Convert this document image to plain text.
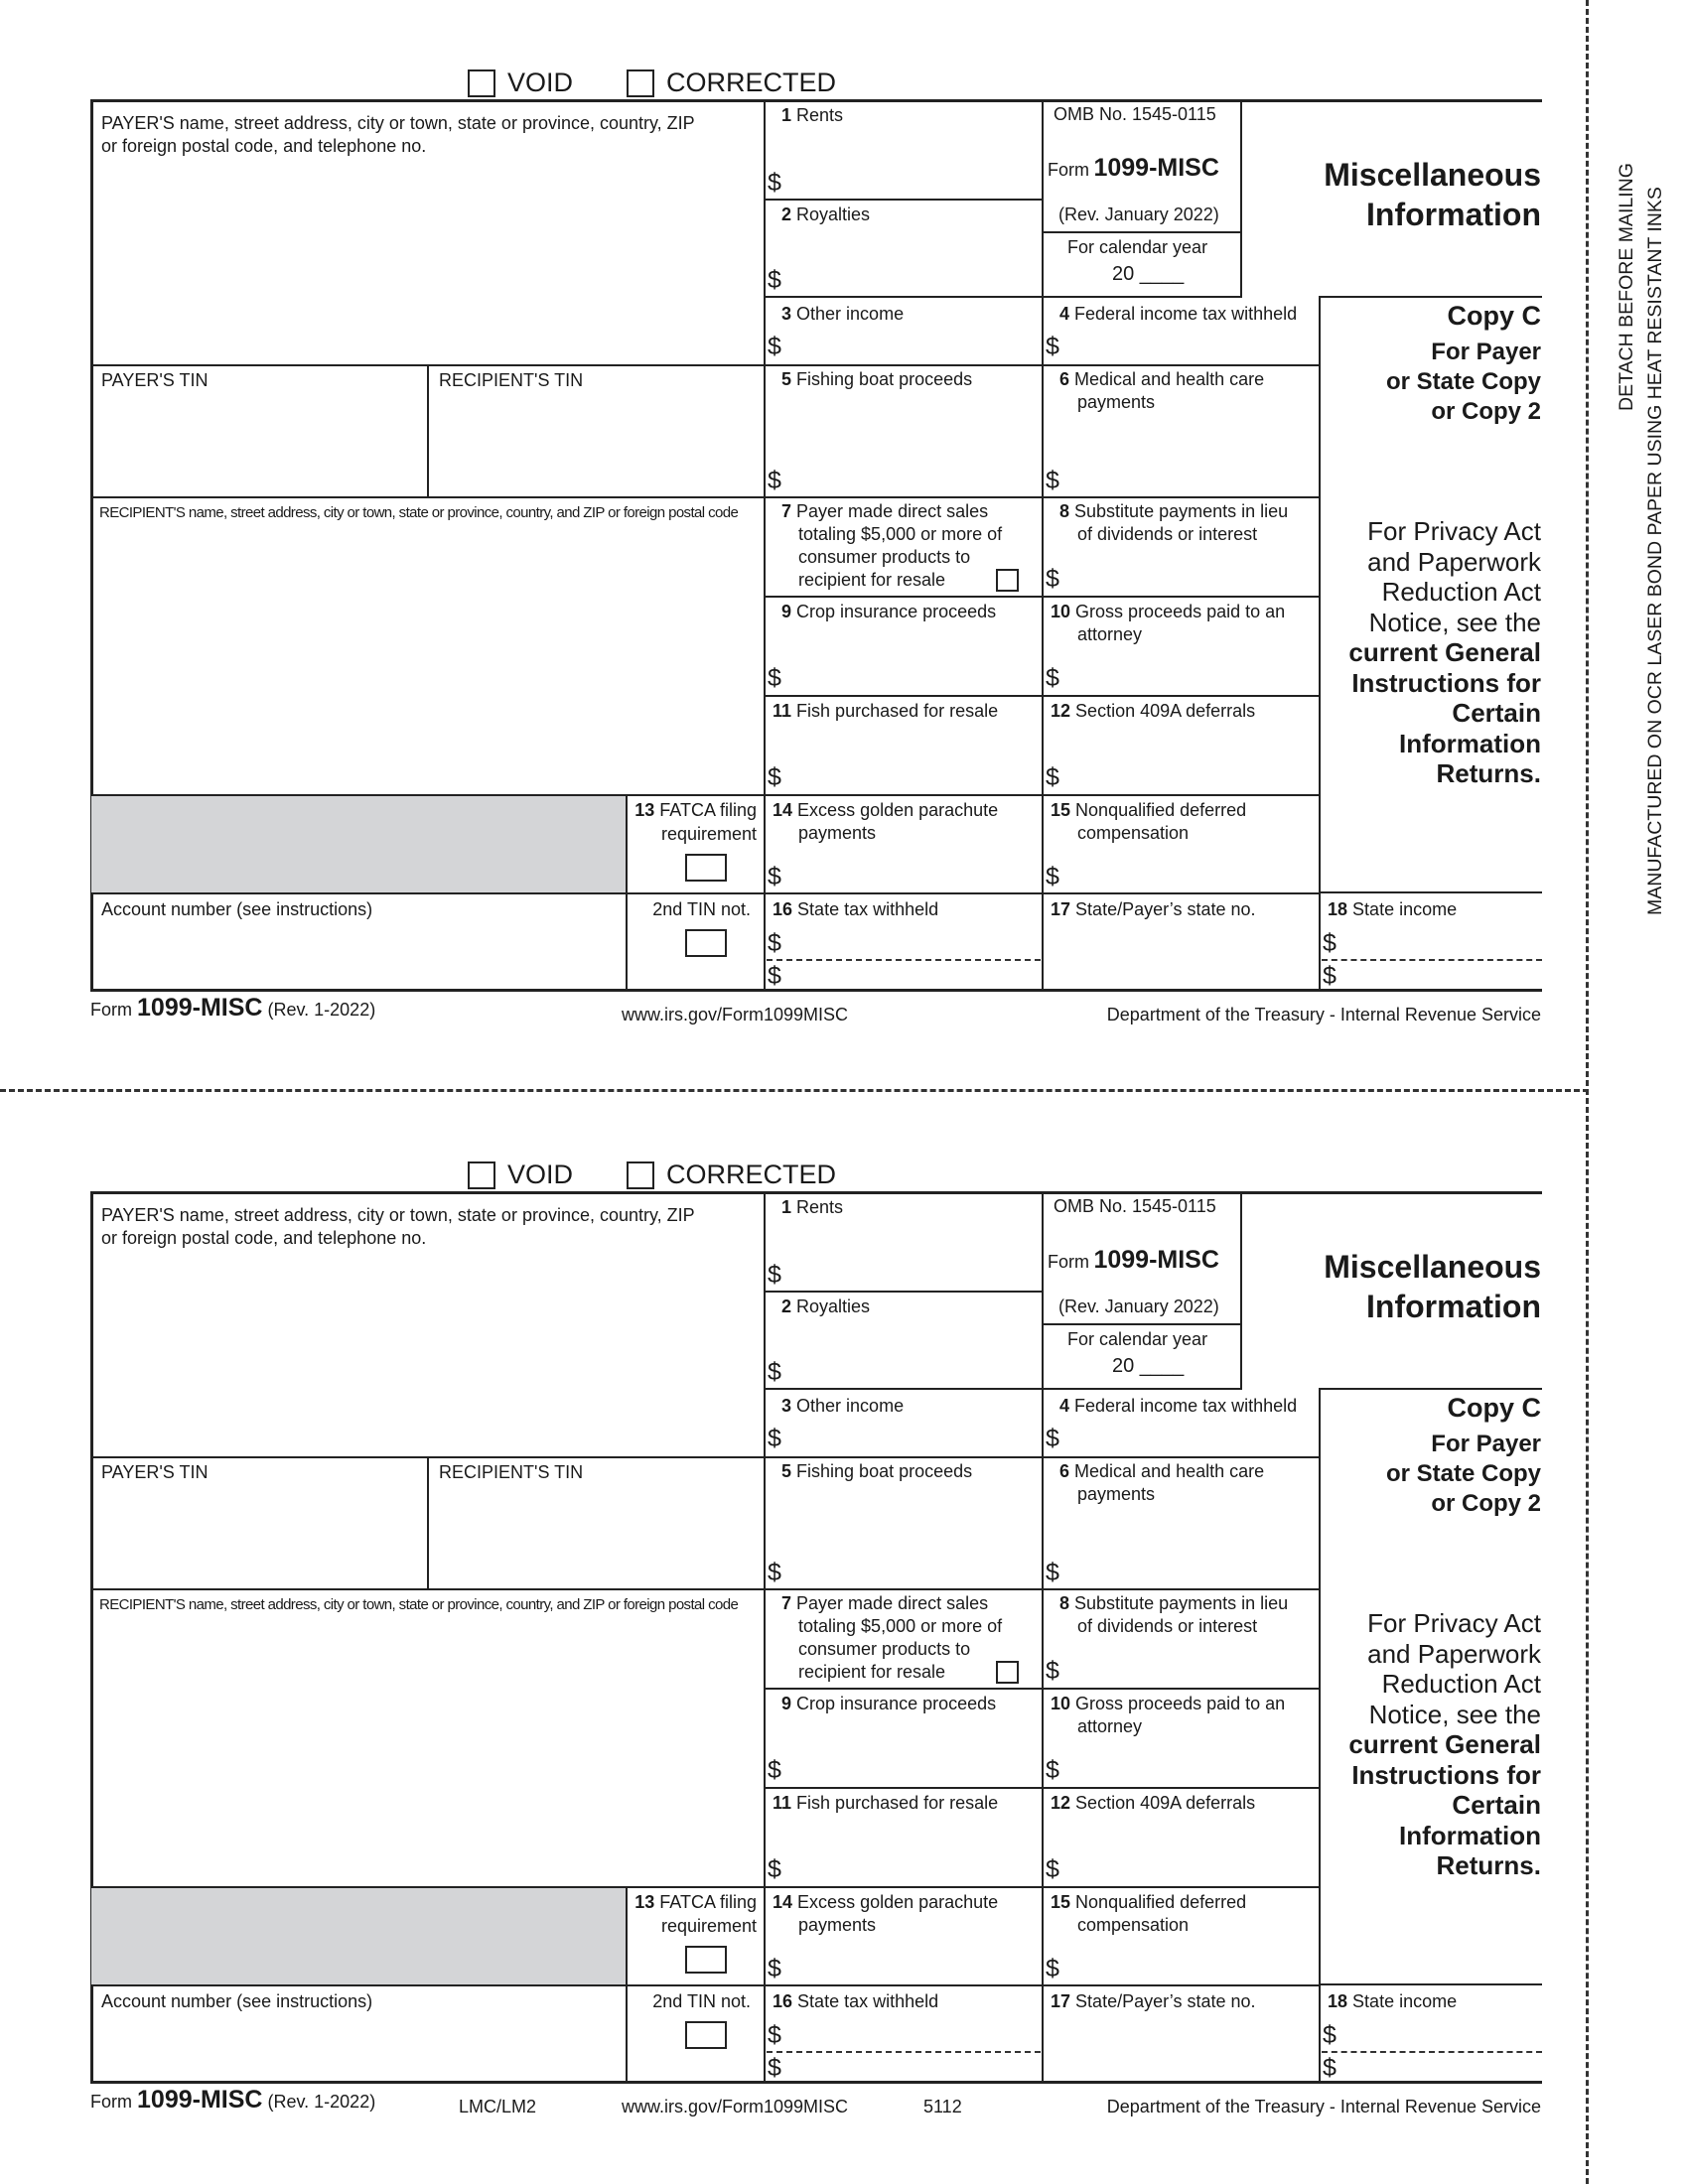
VOID	CORRECTED
PAYER'S name, street address, city or town, state or province, country, ZIP
or foreign postal code, and telephone no.
PAYER'S TIN	RECIPIENT'S TIN
RECIPIENT'S name, street address, city or town, state or province, country, and ZIP or foreign postal code
Account number (see instructions)
13 FATCA filing
requirement
2nd TIN not.
1 Rents
$
2 Royalties
$
OMB No. 1545-0115
Form 1099-MISC
(Rev. January 2022)
For calendar year
20 ____
Miscellaneous
Information
3 Other income
$
4 Federal income tax withheld
$
Copy C
For Payer
or State Copy
or Copy 2
5 Fishing boat proceeds
$
6 Medical and health care
payments
$
7 Payer made direct sales
totaling $5,000 or more of
consumer products to
recipient for resale
8 Substitute payments in lieu
of dividends or interest
$
For Privacy Act
and Paperwork
Reduction Act
Notice, see the
current General
Instructions for
Certain
Information
Returns.
9 Crop insurance proceeds
$
10 Gross proceeds paid to an
attorney
$
11 Fish purchased for resale
$
12 Section 409A deferrals
$
14 Excess golden parachute
payments
$
15 Nonqualified deferred
compensation
$
16 State tax withheld
$
$
17 State/Payer’s state no.	18 State income
$
$
Form 1099-MISC (Rev. 1-2022)	www.irs.gov/Form1099MISC	Department of the Treasury - Internal Revenue Service
VOID	CORRECTED
PAYER'S name, street address, city or town, state or province, country, ZIP
or foreign postal code, and telephone no.
PAYER'S TIN	RECIPIENT'S TIN
RECIPIENT'S name, street address, city or town, state or province, country, and ZIP or foreign postal code
Account number (see instructions)
13 FATCA filing
requirement
2nd TIN not.
1 Rents
$
2 Royalties
$
OMB No. 1545-0115
Form 1099-MISC
(Rev. January 2022)
For calendar year
20 ____
Miscellaneous
Information
3 Other income
$
4 Federal income tax withheld
$
Copy C
For Payer
or State Copy
or Copy 2
5 Fishing boat proceeds
$
6 Medical and health care
payments
$
7 Payer made direct sales
totaling $5,000 or more of
consumer products to
recipient for resale
8 Substitute payments in lieu
of dividends or interest
$
For Privacy Act
and Paperwork
Reduction Act
Notice, see the
current General
Instructions for
Certain
Information
Returns.
9 Crop insurance proceeds
$
10 Gross proceeds paid to an
attorney
$
11 Fish purchased for resale
$
12 Section 409A deferrals
$
14 Excess golden parachute
payments
$
15 Nonqualified deferred
compensation
$
16 State tax withheld
$
$
17 State/Payer’s state no.	18 State income
$
$
Form 1099-MISC (Rev. 1-2022)	LMC/LM2	www.irs.gov/Form1099MISC	5112	Department of the Treasury - Internal Revenue Service
DETACH BEFORE MAILING MANUFACTURED ON OCR LASER BOND PAPER USING HEAT RESISTANT INKS
